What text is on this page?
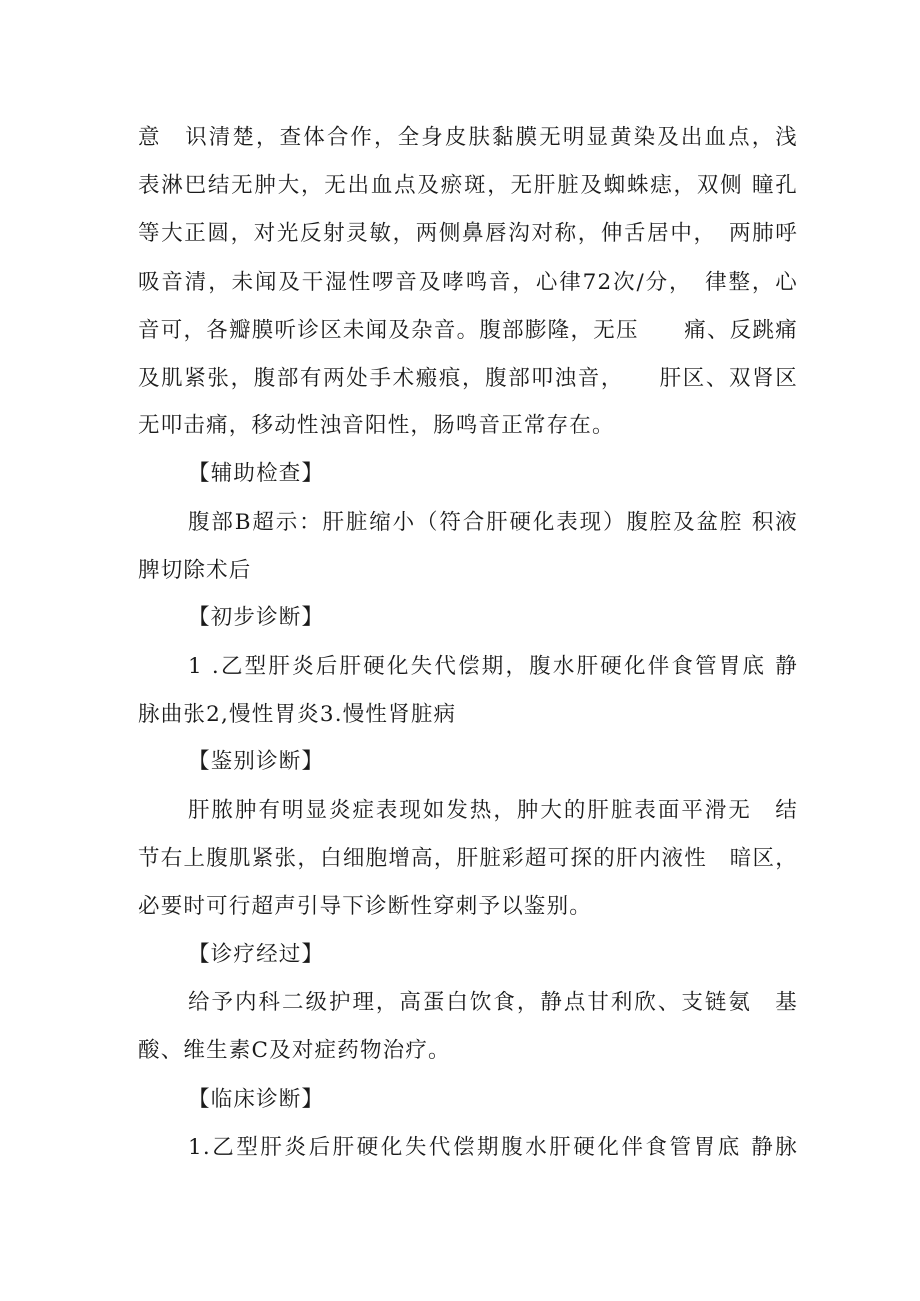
意　识清楚，查体合作，全身皮肤黏膜无明显黄染及出血点，浅
表淋巴结无肿大，无出血点及瘀斑，无肝脏及蜘蛛痣，双侧 瞳孔
等大正圆，对光反射灵敏，两侧鼻唇沟对称，伸舌居中，　两肺呼
吸音清，未闻及干湿性啰音及哮鸣音，心律72次/分，　律整，心
音可，各瓣膜听诊区未闻及杂音。腹部膨隆，无压　　痛、反跳痛
及肌紧张，腹部有两处手术瘢痕，腹部叩浊音，　　肝区、双肾区
无叩击痛，移动性浊音阳性，肠鸣音正常存在。
【辅助检查】
腹部B超示：肝脏缩小（符合肝硬化表现）腹腔及盆腔 积液
脾切除术后
【初步诊断】
1 .乙型肝炎后肝硬化失代偿期，腹水肝硬化伴食管胃底 静
脉曲张2,慢性胃炎3.慢性肾脏病
【鉴别诊断】
肝脓肿有明显炎症表现如发热，肿大的肝脏表面平滑无　结
节右上腹肌紧张，白细胞增高，肝脏彩超可探的肝内液性　暗区，
必要时可行超声引导下诊断性穿刺予以鉴别。
【诊疗经过】
给予内科二级护理，高蛋白饮食，静点甘利欣、支链氨　基
酸、维生素C及对症药物治疗。
【临床诊断】
1.乙型肝炎后肝硬化失代偿期腹水肝硬化伴食管胃底 静脉
